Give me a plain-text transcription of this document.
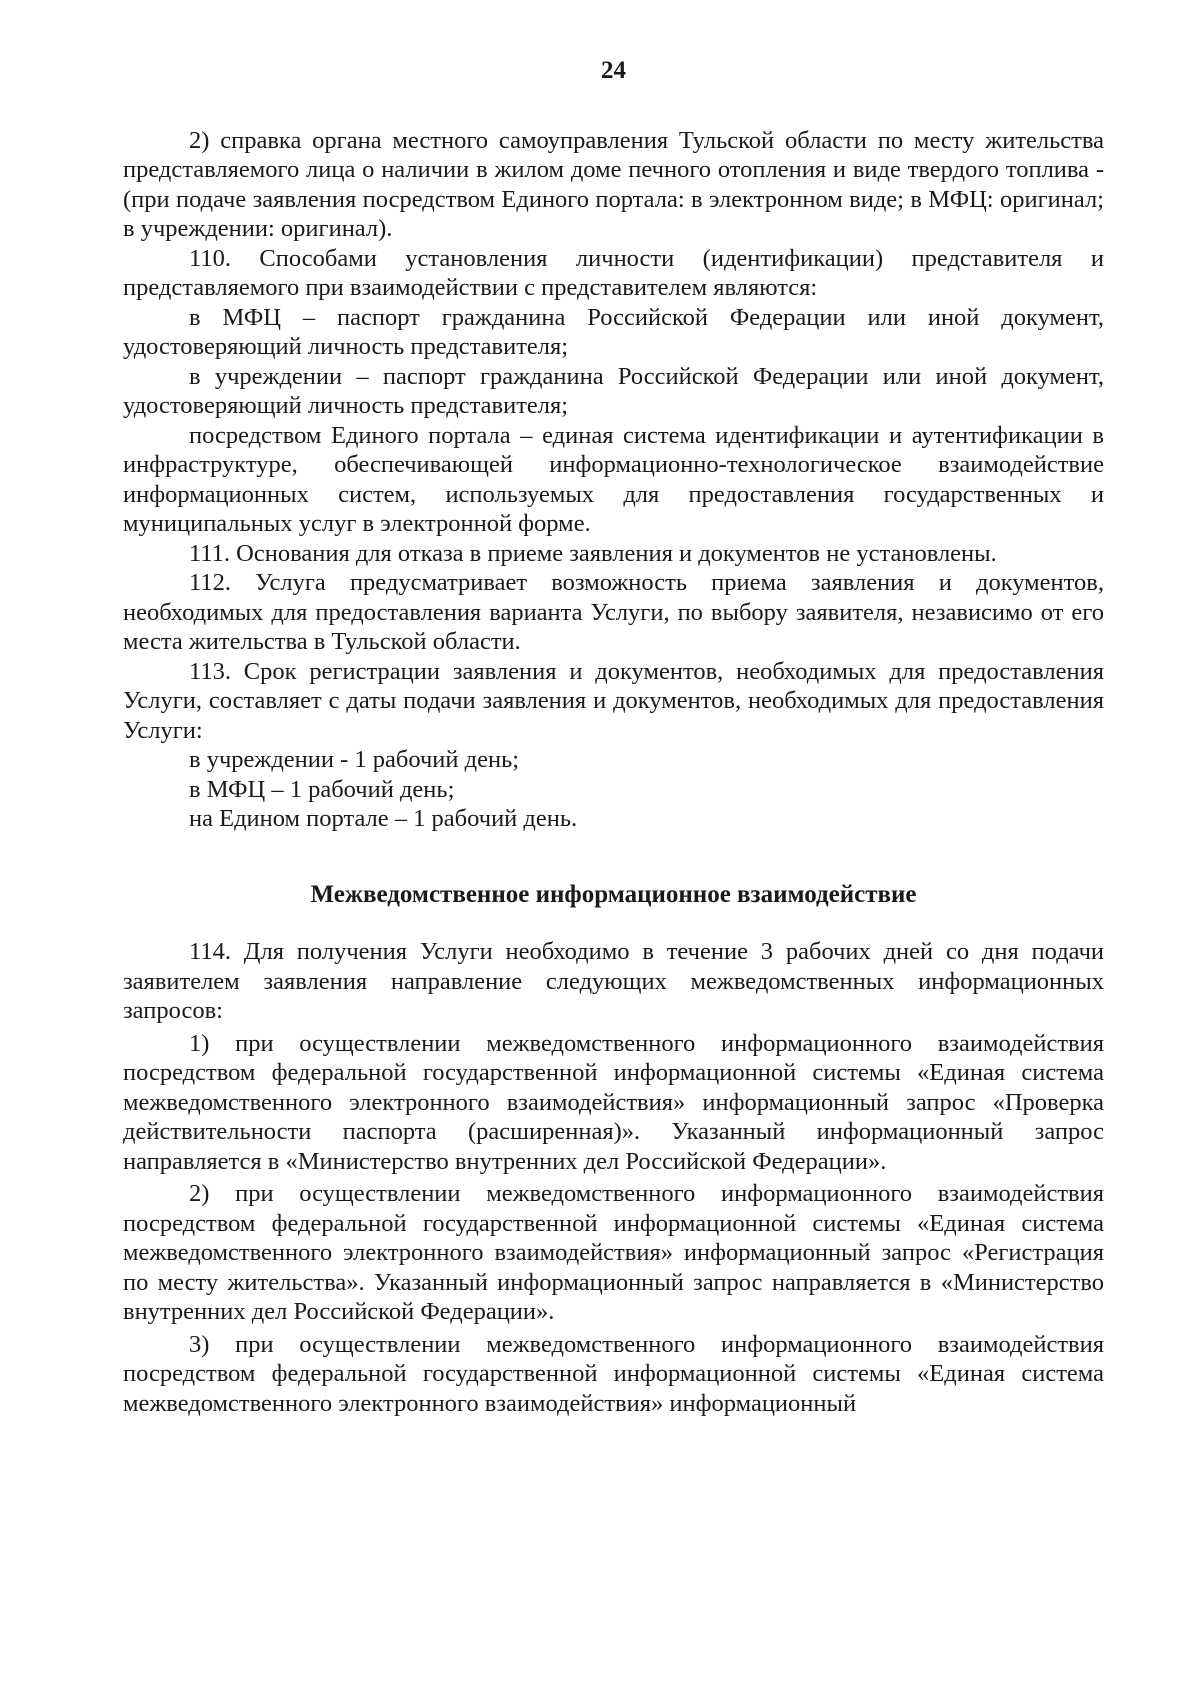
24

2) справка органа местного самоуправления Тульской области по месту жительства представляемого лица о наличии в жилом доме печного отопления и виде твердого топлива - (при подаче заявления посредством Единого портала: в электронном виде; в МФЦ: оригинал; в учреждении: оригинал).

110. Способами установления личности (идентификации) представителя и представляемого при взаимодействии с представителем являются:

в МФЦ – паспорт гражданина Российской Федерации или иной документ, удостоверяющий личность представителя;

в учреждении – паспорт гражданина Российской Федерации или иной документ, удостоверяющий личность представителя;

посредством Единого портала – единая система идентификации и аутентификации в инфраструктуре, обеспечивающей информационно-технологическое взаимодействие информационных систем, используемых для предоставления государственных и муниципальных услуг в электронной форме.

111. Основания для отказа в приеме заявления и документов не установлены.

112. Услуга предусматривает возможность приема заявления и документов, необходимых для предоставления варианта Услуги, по выбору заявителя, независимо от его места жительства в Тульской области.

113. Срок регистрации заявления и документов, необходимых для предоставления Услуги, составляет с даты подачи заявления и документов, необходимых для предоставления Услуги:

в учреждении - 1 рабочий день;

в МФЦ – 1 рабочий день;

на Едином портале – 1 рабочий день.

Межведомственное информационное взаимодействие

114. Для получения Услуги необходимо в течение 3 рабочих дней со дня подачи заявителем заявления направление следующих межведомственных информационных запросов:

1) при осуществлении межведомственного информационного взаимодействия посредством федеральной государственной информационной системы «Единая система межведомственного электронного взаимодействия» информационный запрос «Проверка действительности паспорта (расширенная)». Указанный информационный запрос направляется в «Министерство внутренних дел Российской Федерации».

2) при осуществлении межведомственного информационного взаимодействия посредством федеральной государственной информационной системы «Единая система межведомственного электронного взаимодействия» информационный запрос «Регистрация по месту жительства». Указанный информационный запрос направляется в «Министерство внутренних дел Российской Федерации».

3) при осуществлении межведомственного информационного взаимодействия посредством федеральной государственной информационной системы «Единая система межведомственного электронного взаимодействия» информационный
